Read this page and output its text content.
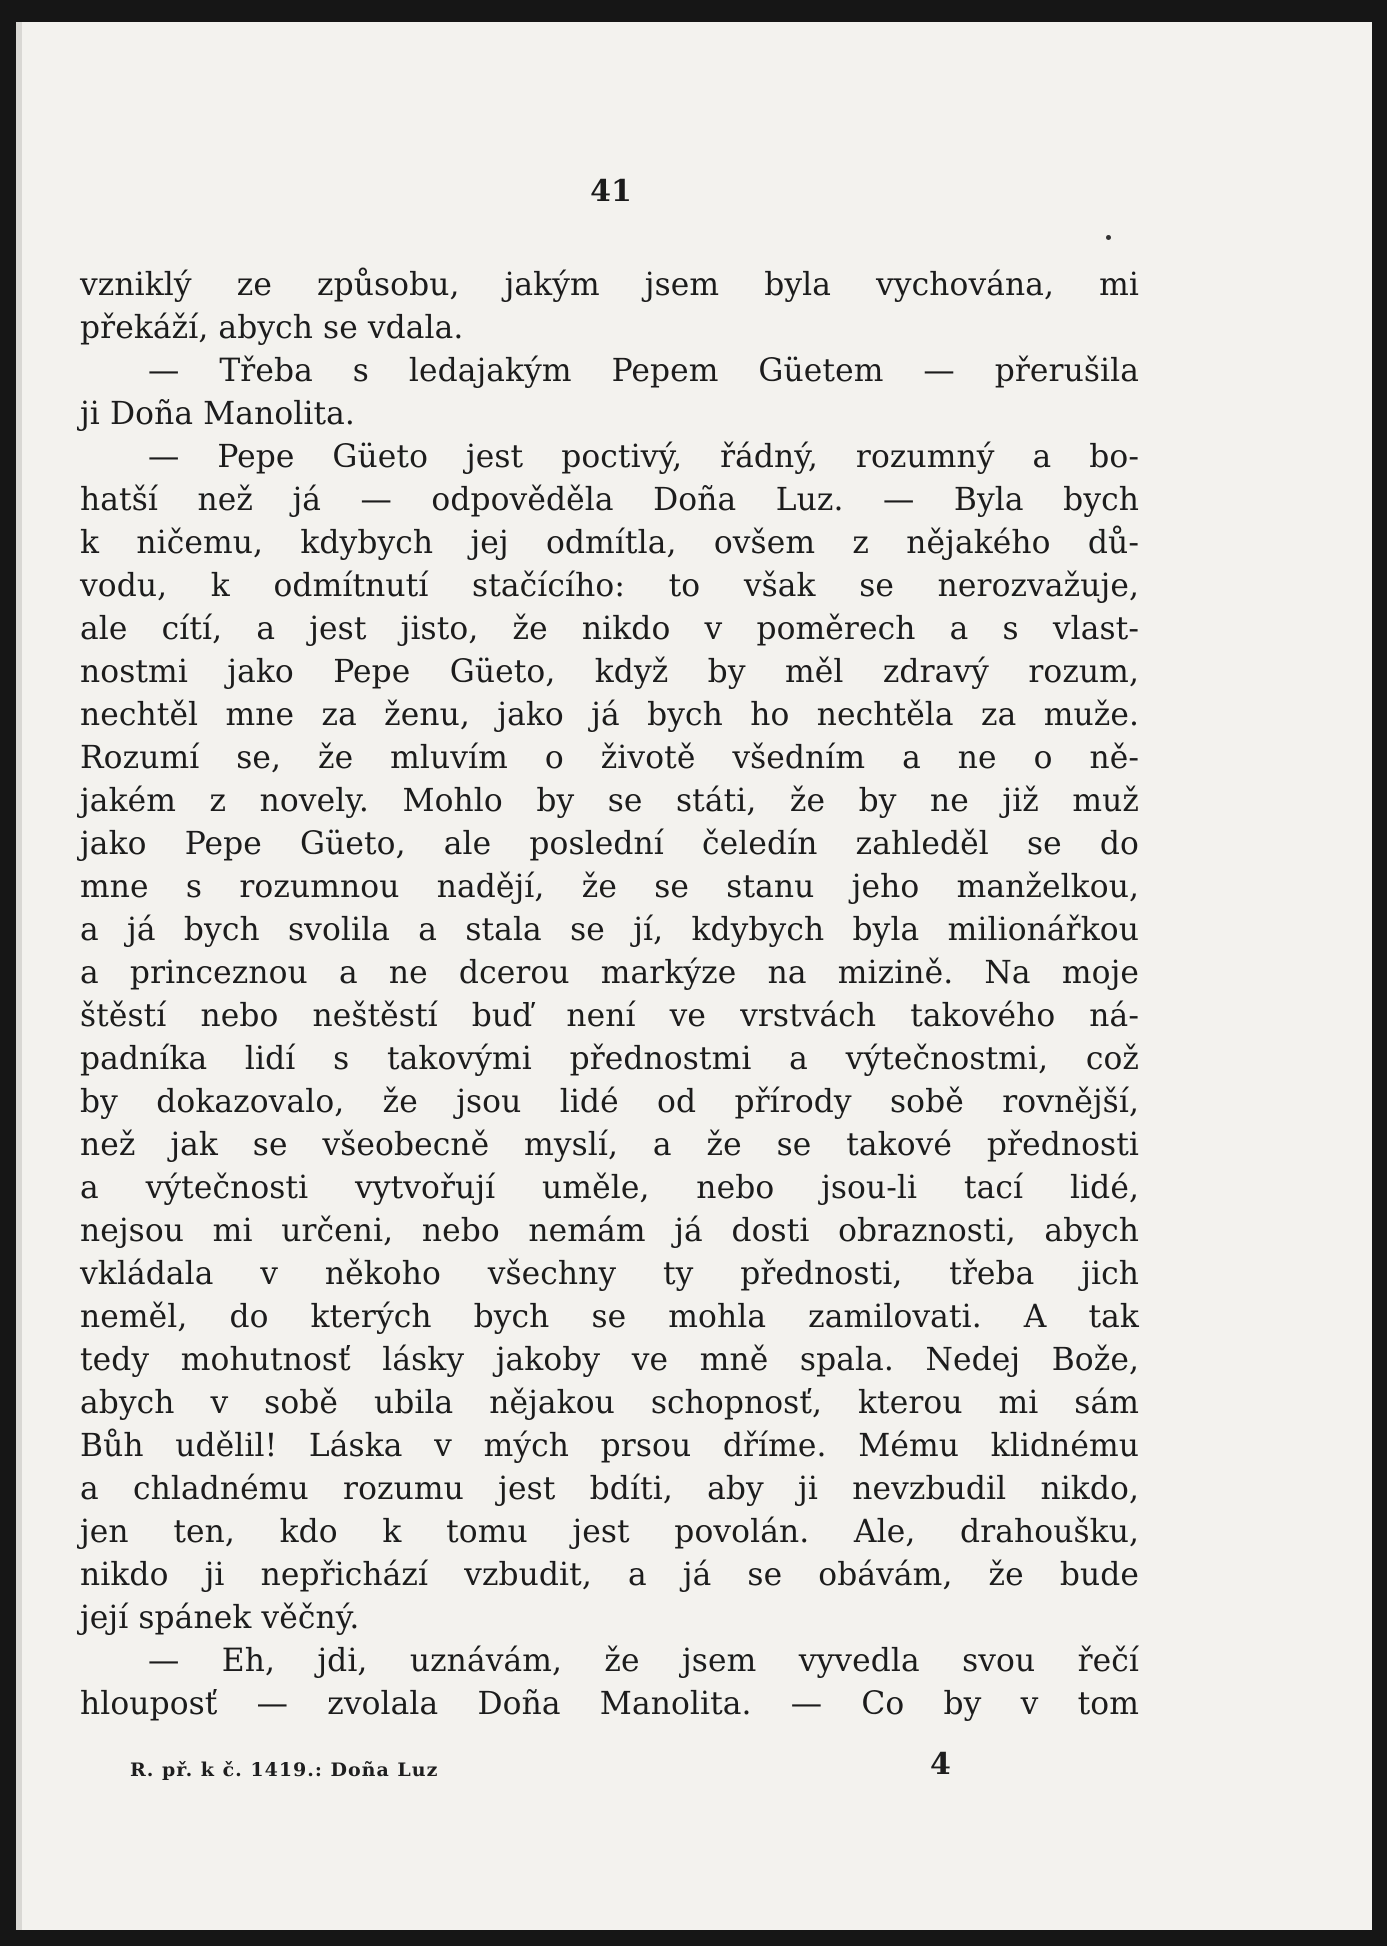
41
vzniklý ze způsobu, jakým jsem byla vychována, mi
překáží, abych se vdala.
— Třeba s ledajakým Pepem Güetem — přerušila
ji Doña Manolita.
— Pepe Güeto jest poctivý, řádný, rozumný a bo-
hatší než já — odpověděla Doña Luz. — Byla bych
k ničemu, kdybych jej odmítla, ovšem z nějakého dů-
vodu, k odmítnutí stačícího: to však se nerozvažuje,
ale cítí, a jest jisto, že nikdo v poměrech a s vlast-
nostmi jako Pepe Güeto, když by měl zdravý rozum,
nechtěl mne za ženu, jako já bych ho nechtěla za muže.
Rozumí se, že mluvím o životě všedním a ne o ně-
jakém z novely. Mohlo by se státi, že by ne již muž
jako Pepe Güeto, ale poslední čeledín zahleděl se do
mne s rozumnou nadějí, že se stanu jeho manželkou,
a já bych svolila a stala se jí, kdybych byla milionářkou
a princeznou a ne dcerou markýze na mizině. Na moje
štěstí nebo neštěstí buď není ve vrstvách takového ná-
padníka lidí s takovými přednostmi a výtečnostmi, což
by dokazovalo, že jsou lidé od přírody sobě rovnější,
než jak se všeobecně myslí, a že se takové přednosti
a výtečnosti vytvořují uměle, nebo jsou-li tací lidé,
nejsou mi určeni, nebo nemám já dosti obraznosti, abych
vkládala v někoho všechny ty přednosti, třeba jich
neměl, do kterých bych se mohla zamilovati. A tak
tedy mohutnosť lásky jakoby ve mně spala. Nedej Bože,
abych v sobě ubila nějakou schopnosť, kterou mi sám
Bůh udělil! Láska v mých prsou dříme. Mému klidnému
a chladnému rozumu jest bdíti, aby ji nevzbudil nikdo,
jen ten, kdo k tomu jest povolán. Ale, drahoušku,
nikdo ji nepřichází vzbudit, a já se obávám, že bude
její spánek věčný.
— Eh, jdi, uznávám, že jsem vyvedla svou řečí
hlouposť — zvolala Doña Manolita. — Co by v tom
R. př. k č. 1419.: Doña Luz	4
